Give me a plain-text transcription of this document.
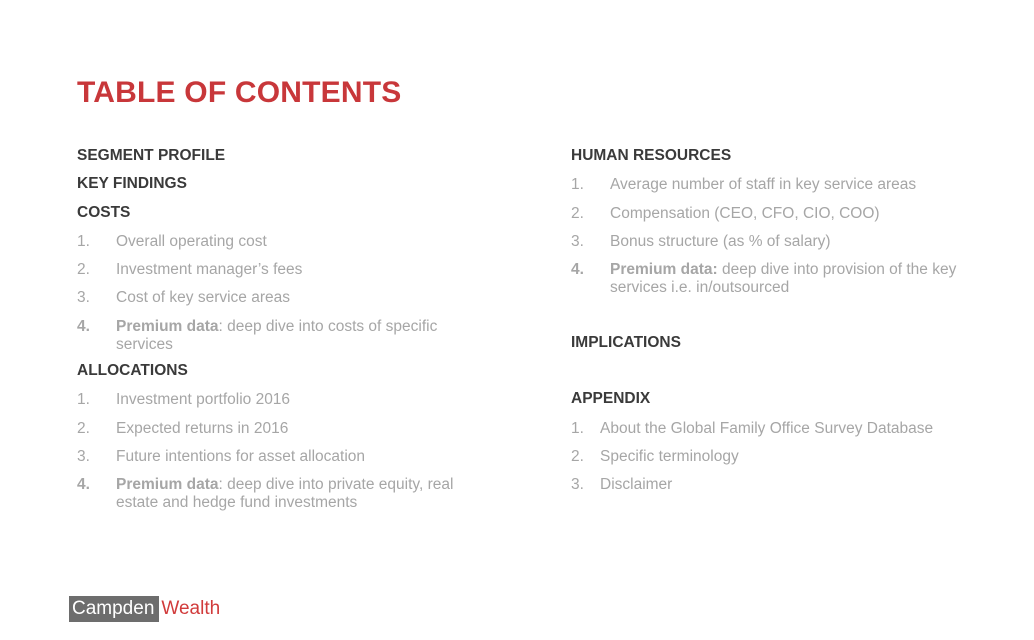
TABLE OF CONTENTS
SEGMENT PROFILE
KEY FINDINGS
COSTS
1.	Overall operating cost
2.	Investment manager’s fees
3.	Cost of key service areas
4.	Premium data: deep dive into costs of specific services
ALLOCATIONS
1.	Investment portfolio 2016
2.	Expected returns in 2016
3.	Future intentions for asset allocation
4.	Premium data: deep dive into private equity, real estate and hedge fund investments
HUMAN RESOURCES
1.	Average number of staff in key service areas
2.	Compensation (CEO, CFO, CIO, COO)
3.	Bonus structure (as % of salary)
4.	Premium data: deep dive into provision of the key services i.e. in/outsourced
IMPLICATIONS
APPENDIX
1.	About the Global Family Office Survey Database
2.	Specific terminology
3.	Disclaimer
Campden Wealth
